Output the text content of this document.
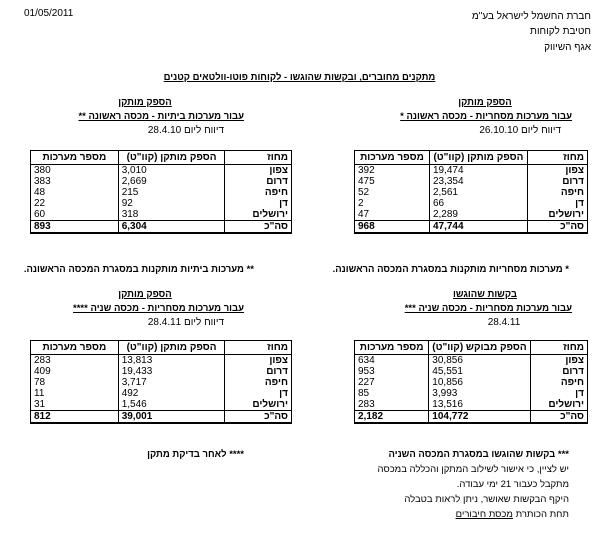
01/05/2011	חברת החשמל לישראל בע"מ
חטיבת לקוחות
אגף השיווק
מתקנים מחוברים, ובקשות שהוגשו - לקוחות פוטו-וולטאים קטנים
הספק מותקן
עבור מערכות מסחריות - מכסה ראשונה *
דיווח ליום 26.10.10
מחוז	הספק מותקן (קוו"ט)	מספר מערכות
צפון	19,474	392
דרום	23,354	475
חיפה	2,561	52
דן	66	2
ירושלים	2,289	47
סה"כ	47,744	968
* מערכות מסחריות מותקנות במסגרת המכסה הראשונה.
הספק מותקן
עבור מערכות ביתיות - מכסה ראשונה **
דיווח ליום 28.4.10
מחוז	הספק מותקן (קוו"ט)	מספר מערכות
צפון	3,010	380
דרום	2,669	383
חיפה	215	48
דן	92	22
ירושלים	318	60
סה"כ	6,304	893
** מערכות ביתיות מותקנות במסגרת המכסה הראשונה.
בקשות שהוגשו
עבור מערכות מסחריות - מכסה שניה ***
28.4.11
מחוז	הספק מבוקש (קוו"ט)	מספר מערכות
צפון	30,856	634
דרום	45,551	953
חיפה	10,856	227
דן	3,993	85
ירושלים	13,516	283
סה"כ	104,772	2,182
*** בקשות שהוגשו במסגרת המכסה השניה
יש לציין, כי אישור לשילוב המתקן והכללה במכסה
מתקבל כעבור 21 ימי עבודה.
היקף הבקשות שאושר, ניתן לראות בטבלה
תחת הכותרת מכסת חיבורים
הספק מותקן
עבור מערכות מסחריות - מכסה שניה ****
דיווח ליום 28.4.11
מחוז	הספק מותקן (קוו"ט)	מספר מערכות
צפון	13,813	283
דרום	19,433	409
חיפה	3,717	78
דן	492	11
ירושלים	1,546	31
סה"כ	39,001	812
**** לאחר בדיקת מתקן
